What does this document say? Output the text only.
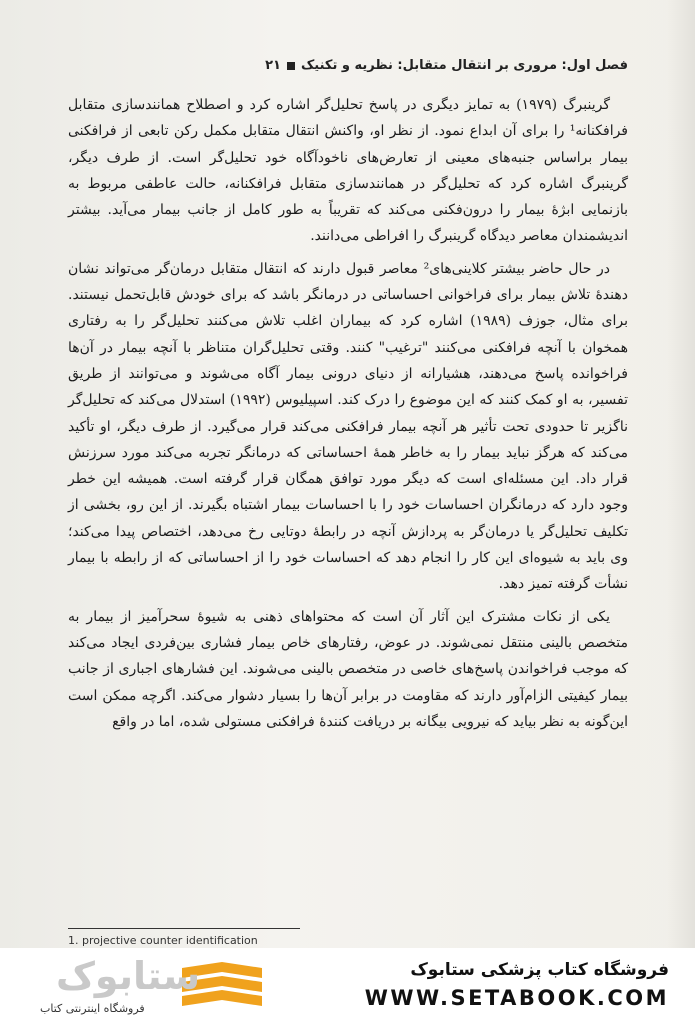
فصل اول: مروری بر انتقال متقابل: نظریه و تکنیک
۲۱

گرینبرگ (۱۹۷۹) به تمایز دیگری در پاسخ تحلیل‌گر اشاره کرد و اصطلاح همانندسازی متقابل فرافکنانه¹ را برای آن ابداع نمود. از نظر او، واکنش انتقال متقابل مکمل رکن تابعی از فرافکنی بیمار براساس جنبه‌های معینی از تعارض‌های ناخودآگاه خود تحلیل‌گر است. از طرف دیگر، گرینبرگ اشاره کرد که تحلیل‌گر در همانندسازی متقابل فرافکنانه، حالت عاطفی مربوط به بازنمایی ابژهٔ بیمار را درون‌فکنی می‌کند که تقریباً به طور کامل از جانب بیمار می‌آید. بیشتر اندیشمندان معاصر دیدگاه گرینبرگ را افراطی می‌دانند.

در حال حاضر بیشتر کلاینی‌های² معاصر قبول دارند که انتقال متقابل درمان‌گر می‌تواند نشان دهندهٔ تلاش بیمار برای فراخوانی احساساتی در درمانگر باشد که برای خودش قابل‌تحمل نیستند. برای مثال، جوزف (۱۹۸۹) اشاره کرد که بیماران اغلب تلاش می‌کنند تحلیل‌گر را به رفتاری همخوان با آنچه فرافکنی می‌کنند "ترغیب" کنند. وقتی تحلیل‌گران متناظر با آنچه بیمار در آن‌ها فراخوانده پاسخ می‌دهند، هشیارانه از دنیای درونی بیمار آگاه می‌شوند و می‌توانند از طریق تفسیر، به او کمک کنند که این موضوع را درک کند. اسپیلیوس (۱۹۹۲) استدلال می‌کند که تحلیل‌گر ناگزیر تا حدودی تحت تأثیر هر آنچه بیمار فرافکنی می‌کند قرار می‌گیرد. از طرف دیگر، او تأکید می‌کند که هرگز نباید بیمار را به خاطر همهٔ احساساتی که درمانگر تجربه می‌کند مورد سرزنش قرار داد. این مسئله‌ای است که دیگر مورد توافق همگان قرار گرفته است. همیشه این خطر وجود دارد که درمانگران احساسات خود را با احساسات بیمار اشتباه بگیرند. از این رو، بخشی از تکلیف تحلیل‌گر یا درمان‌گر به پردازش آنچه در رابطهٔ دوتایی رخ می‌دهد، اختصاص پیدا می‌کند؛ وی باید به شیوه‌ای این کار را انجام دهد که احساسات خود را از احساساتی که از رابطه با بیمار نشأت گرفته تمیز دهد.

یکی از نکات مشترک این آثار آن است که محتواهای ذهنی به شیوهٔ سحرآمیز از بیمار به متخصص بالینی منتقل نمی‌شوند. در عوض، رفتارهای خاص بیمار فشاری بین‌فردی ایجاد می‌کند که موجب فراخواندن پاسخ‌های خاصی در متخصص بالینی می‌شوند. این فشارهای اجباری از جانب بیمار کیفیتی الزام‌آور دارند که مقاومت در برابر آن‌ها را بسیار دشوار می‌کند. اگرچه ممکن است این‌گونه به نظر بیاید که نیرویی بیگانه بر دریافت کنندهٔ فرافکنی مستولی شده، اما در واقع

1. projective counter identification
ستابوک
فروشگاه اینترنتی کتاب
فروشگاه کتاب پزشکی ستابوک
WWW.SETABOOK.COM
